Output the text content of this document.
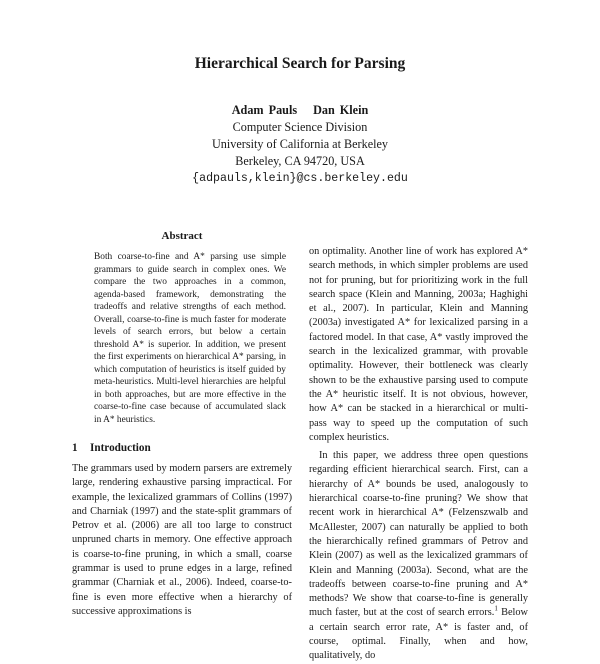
Hierarchical Search for Parsing
Adam Pauls Dan Klein
Computer Science Division
University of California at Berkeley
Berkeley, CA 94720, USA
{adpauls,klein}@cs.berkeley.edu
Abstract

Both coarse-to-fine and A* parsing use simple grammars to guide search in complex ones. We compare the two approaches in a common, agenda-based framework, demonstrating the tradeoffs and relative strengths of each method. Overall, coarse-to-fine is much faster for moderate levels of search errors, but below a certain threshold A* is superior. In addition, we present the first experiments on hierarchical A* parsing, in which computation of heuristics is itself guided by meta-heuristics. Multi-level hierarchies are helpful in both approaches, but are more effective in the coarse-to-fine case because of accumulated slack in A* heuristics.

1 Introduction

The grammars used by modern parsers are extremely large, rendering exhaustive parsing impractical. For example, the lexicalized grammars of Collins (1997) and Charniak (1997) and the state-split grammars of Petrov et al. (2006) are all too large to construct unpruned charts in memory. One effective approach is coarse-to-fine pruning, in which a small, coarse grammar is used to prune edges in a large, refined grammar (Charniak et al., 2006). Indeed, coarse-to-fine is even more effective when a hierarchy of successive approximations is

on optimality. Another line of work has explored A* search methods, in which simpler problems are used not for pruning, but for prioritizing work in the full search space (Klein and Manning, 2003a; Haghighi et al., 2007). In particular, Klein and Manning (2003a) investigated A* for lexicalized parsing in a factored model. In that case, A* vastly improved the search in the lexicalized grammar, with provable optimality. However, their bottleneck was clearly shown to be the exhaustive parsing used to compute the A* heuristic itself. It is not obvious, however, how A* can be stacked in a hierarchical or multi-pass way to speed up the computation of such complex heuristics.

In this paper, we address three open questions regarding efficient hierarchical search. First, can a hierarchy of A* bounds be used, analogously to hierarchical coarse-to-fine pruning? We show that recent work in hierarchical A* (Felzenszwalb and McAllester, 2007) can naturally be applied to both the hierarchically refined grammars of Petrov and Klein (2007) as well as the lexicalized grammars of Klein and Manning (2003a). Second, what are the tradeoffs between coarse-to-fine pruning and A* methods? We show that coarse-to-fine is generally much faster, but at the cost of search errors.$^1$ Below a certain search error rate, A* is faster and, of course, optimal. Finally, when and how, qualitatively, do
